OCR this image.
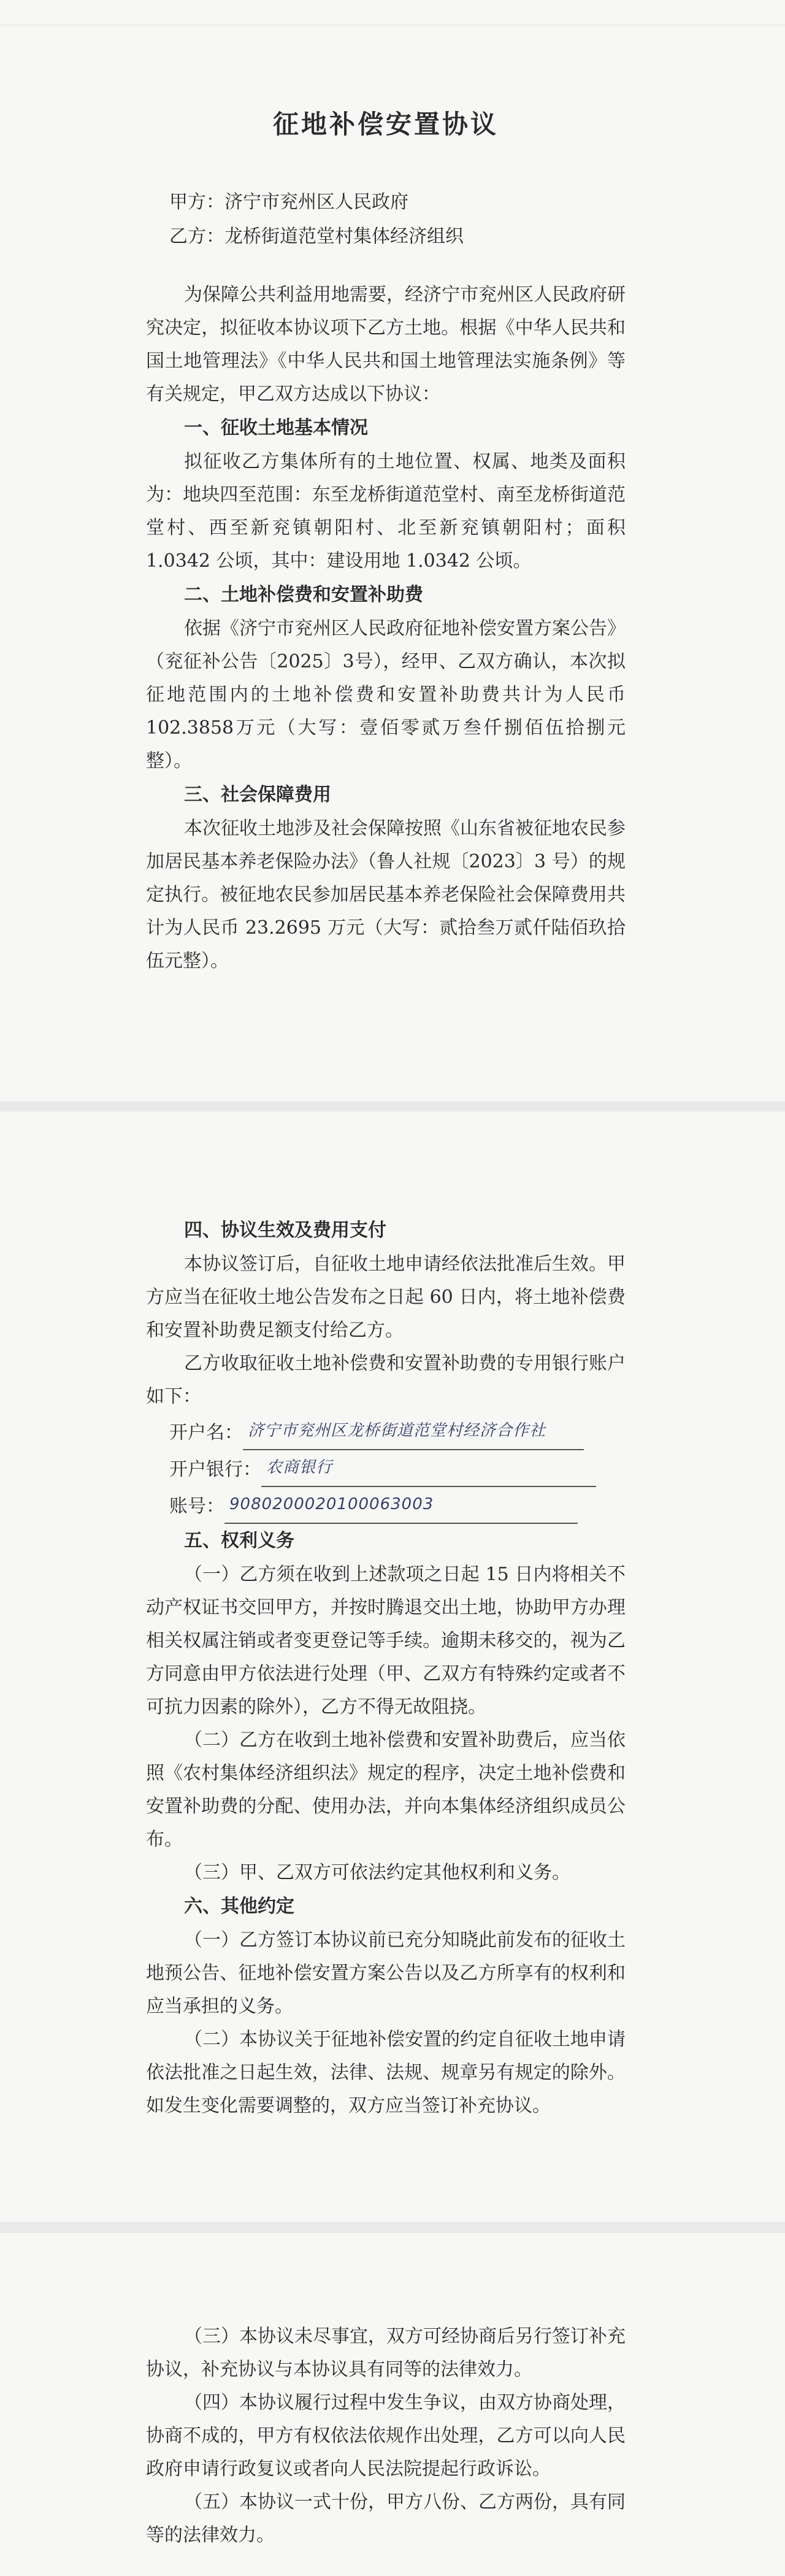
征地补偿安置协议
甲方：济宁市兖州区人民政府
乙方：龙桥街道范堂村集体经济组织

为保障公共利益用地需要，经济宁市兖州区人民政府研究决定，拟征收本协议项下乙方土地。根据《中华人民共和国土地管理法》《中华人民共和国土地管理法实施条例》等有关规定，甲乙双方达成以下协议：

一、征收土地基本情况

拟征收乙方集体所有的土地位置、权属、地类及面积为：地块四至范围：东至龙桥街道范堂村、南至龙桥街道范堂村、西至新兖镇朝阳村、北至新兖镇朝阳村；面积 1.0342 公顷，其中：建设用地 1.0342 公顷。

二、土地补偿费和安置补助费

依据《济宁市兖州区人民政府征地补偿安置方案公告》（兖征补公告〔2025〕3号），经甲、乙双方确认，本次拟征地范围内的土地补偿费和安置补助费共计为人民币102.3858万元（大写：壹佰零贰万叁仟捌佰伍拾捌元整）。

三、社会保障费用

本次征收土地涉及社会保障按照《山东省被征地农民参加居民基本养老保险办法》（鲁人社规〔2023〕3 号）的规定执行。被征地农民参加居民基本养老保险社会保障费用共计为人民币 23.2695 万元（大写：贰拾叁万贰仟陆佰玖拾伍元整）。

四、协议生效及费用支付

本协议签订后，自征收土地申请经依法批准后生效。甲方应当在征收土地公告发布之日起 60 日内，将土地补偿费和安置补助费足额支付给乙方。

乙方收取征收土地补偿费和安置补助费的专用银行账户如下：

开户名： 济宁市兖州区龙桥街道范堂村经济合作社
开户银行： 农商银行
账号： 9080200020100063003
五、权利义务

（一）乙方须在收到上述款项之日起 15 日内将相关不动产权证书交回甲方，并按时腾退交出土地，协助甲方办理相关权属注销或者变更登记等手续。逾期未移交的，视为乙方同意由甲方依法进行处理（甲、乙双方有特殊约定或者不可抗力因素的除外），乙方不得无故阻挠。

（二）乙方在收到土地补偿费和安置补助费后，应当依照《农村集体经济组织法》规定的程序，决定土地补偿费和安置补助费的分配、使用办法，并向本集体经济组织成员公布。

（三）甲、乙双方可依法约定其他权利和义务。

六、其他约定

（一）乙方签订本协议前已充分知晓此前发布的征收土地预公告、征地补偿安置方案公告以及乙方所享有的权利和应当承担的义务。

（二）本协议关于征地补偿安置的约定自征收土地申请依法批准之日起生效，法律、法规、规章另有规定的除外。如发生变化需要调整的，双方应当签订补充协议。

（三）本协议未尽事宜，双方可经协商后另行签订补充协议，补充协议与本协议具有同等的法律效力。

（四）本协议履行过程中发生争议，由双方协商处理，协商不成的，甲方有权依法依规作出处理，乙方可以向人民政府申请行政复议或者向人民法院提起行政诉讼。

（五）本协议一式十份，甲方八份、乙方两份，具有同等的法律效力。
